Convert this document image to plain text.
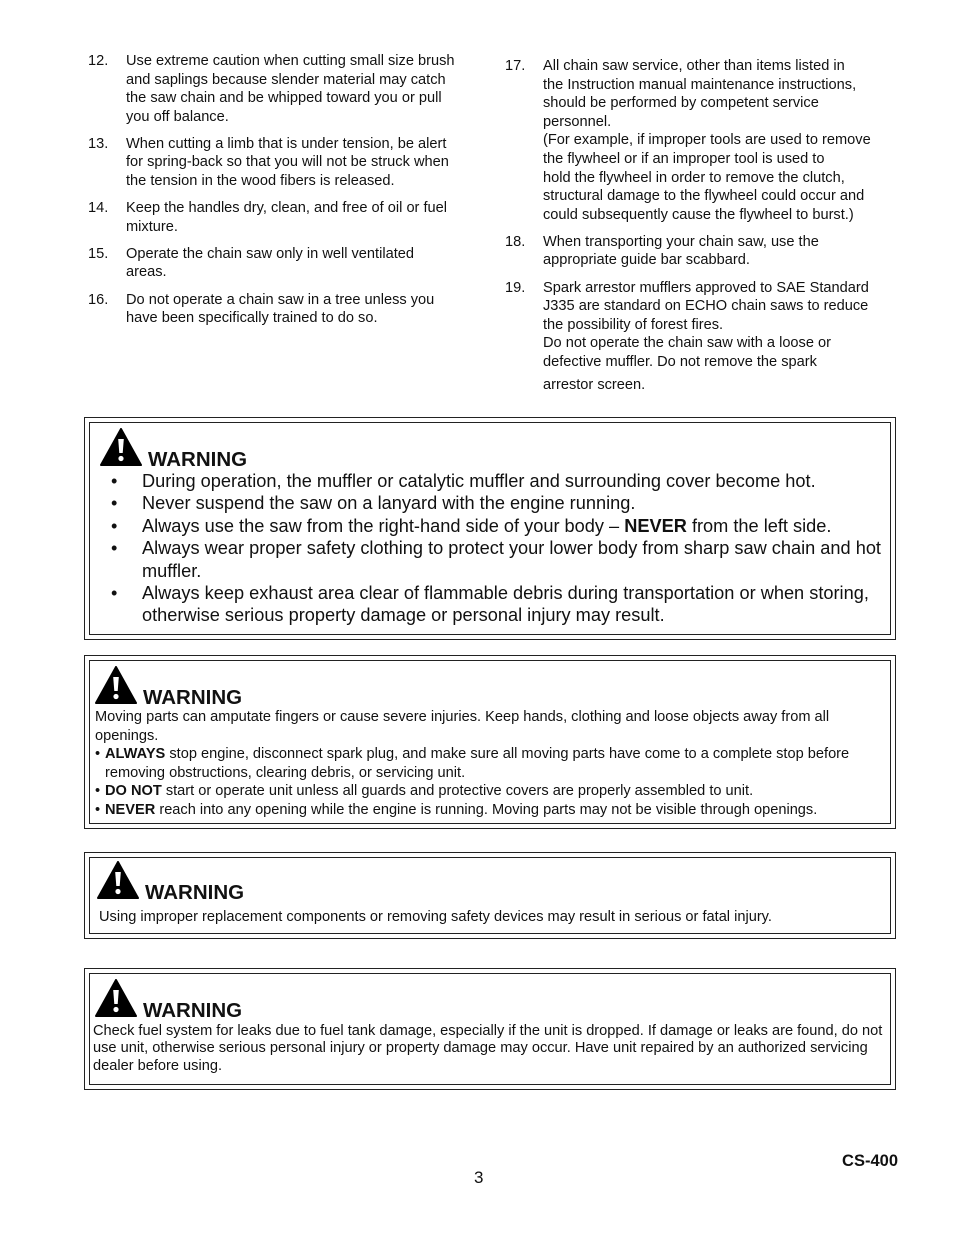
12.	Use extreme caution when cutting small size brush
and saplings because slender material may catch
the saw chain and be whipped toward you or pull
you off balance.
13.	When cutting a limb that is under tension, be alert
for spring-back so that you will not be struck when
the tension in the wood fibers is released.
14.	Keep the handles dry, clean, and free of oil or fuel
mixture.
15.	Operate the chain saw only in well ventilated
areas.
16.	Do not operate a chain saw in a tree unless you
have been specifically trained to do so.
17.	All chain saw service, other than items listed in
the Instruction manual maintenance instructions,
should be performed by competent service
personnel.
(For example, if improper tools are used to remove
the flywheel or if an improper tool is used to
hold the flywheel in order to remove the clutch,
structural damage to the flywheel could occur and
could subsequently cause the flywheel to burst.)
18.	When transporting your chain saw, use the
appropriate guide bar scabbard.
19.	Spark arrestor mufflers approved to SAE Standard
J335 are standard on ECHO chain saws to reduce
the possibility of forest fires.
Do not operate the chain saw with a loose or
defective muffler. Do not remove the spark
arrestor screen.
WARNING
•	During operation, the muffler or catalytic muffler and surrounding cover become hot.
•	Never suspend the saw on a lanyard with the engine running.
•	Always use the saw from the right-hand side of your body – NEVER from the left side.
•	Always wear proper safety clothing to protect your lower body from sharp saw chain and hot muffler.
•	Always keep exhaust area clear of flammable debris during transportation or when storing, otherwise serious property damage or personal injury may result.
WARNING
Moving parts can amputate fingers or cause severe injuries. Keep hands, clothing and loose objects away from all openings.
• ALWAYS stop engine, disconnect spark plug, and make sure all moving parts have come to a complete stop before removing obstructions, clearing debris, or servicing unit.
• DO NOT start or operate unit unless all guards and protective covers are properly assembled to unit.
• NEVER reach into any opening while the engine is running. Moving parts may not be visible through openings.
WARNING
Using improper replacement components or removing safety devices may result in serious or fatal injury.
WARNING
Check fuel system for leaks due to fuel tank damage, especially if the unit is dropped. If damage or leaks are found, do not use unit, otherwise serious personal injury or property damage may occur. Have unit repaired by an authorized servicing dealer before using.
CS-400
3
